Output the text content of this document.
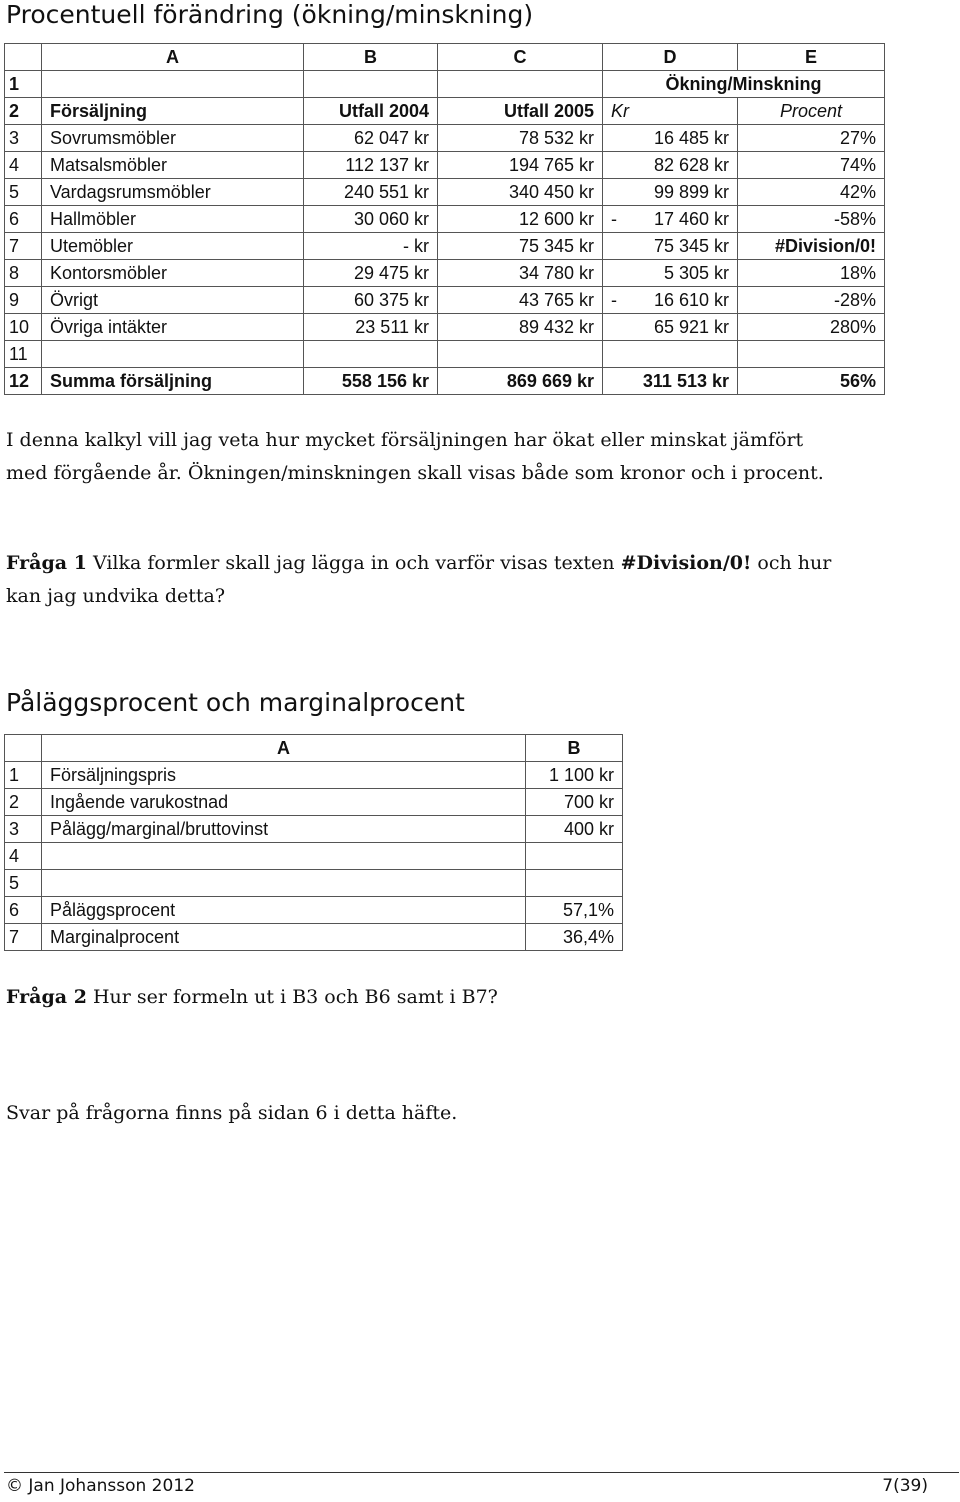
Procentuell förändring (ökning/minskning)
	A	B	C	D	E
1				Ökning/Minskning	
2	Försäljning	Utfall 2004	Utfall 2005	Kr	Procent
3	Sovrumsmöbler	62 047 kr	78 532 kr	16 485 kr	27%
4	Matsalsmöbler	112 137 kr	194 765 kr	82 628 kr	74%
5	Vardagsrumsmöbler	240 551 kr	340 450 kr	99 899 kr	42%
6	Hallmöbler	30 060 kr	12 600 kr	- 17 460 kr	-58%
7	Utemöbler	- kr	75 345 kr	75 345 kr	#Division/0!
8	Kontorsmöbler	29 475 kr	34 780 kr	5 305 kr	18%
9	Övrigt	60 375 kr	43 765 kr	- 16 610 kr	-28%
10	Övriga intäkter	23 511 kr	89 432 kr	65 921 kr	280%
11				

12	Summa försäljning	558 156 kr	869 669 kr	311 513 kr	56%

I denna kalkyl vill jag veta hur mycket försäljningen har ökat eller minskat jämfört med förgående år. Ökningen/minskningen skall visas både som kronor och i procent.

Fråga 1 Vilka formler skall jag lägga in och varför visas texten #Division/0! och hur kan jag undvika detta?

Påläggsprocent och marginalprocent
	A	B
1	Försäljningspris	1 100 kr
2	Ingående varukostnad	700 kr
3	Pålägg/marginal/bruttovinst	400 kr
4		
5		
6	Påläggsprocent	57,1%
7	Marginalprocent	36,4%

Fråga 2 Hur ser formeln ut i B3 och B6 samt i B7?

Svar på frågorna finns på sidan 6 i detta häfte.

© Jan Johansson 2012	7(39)
